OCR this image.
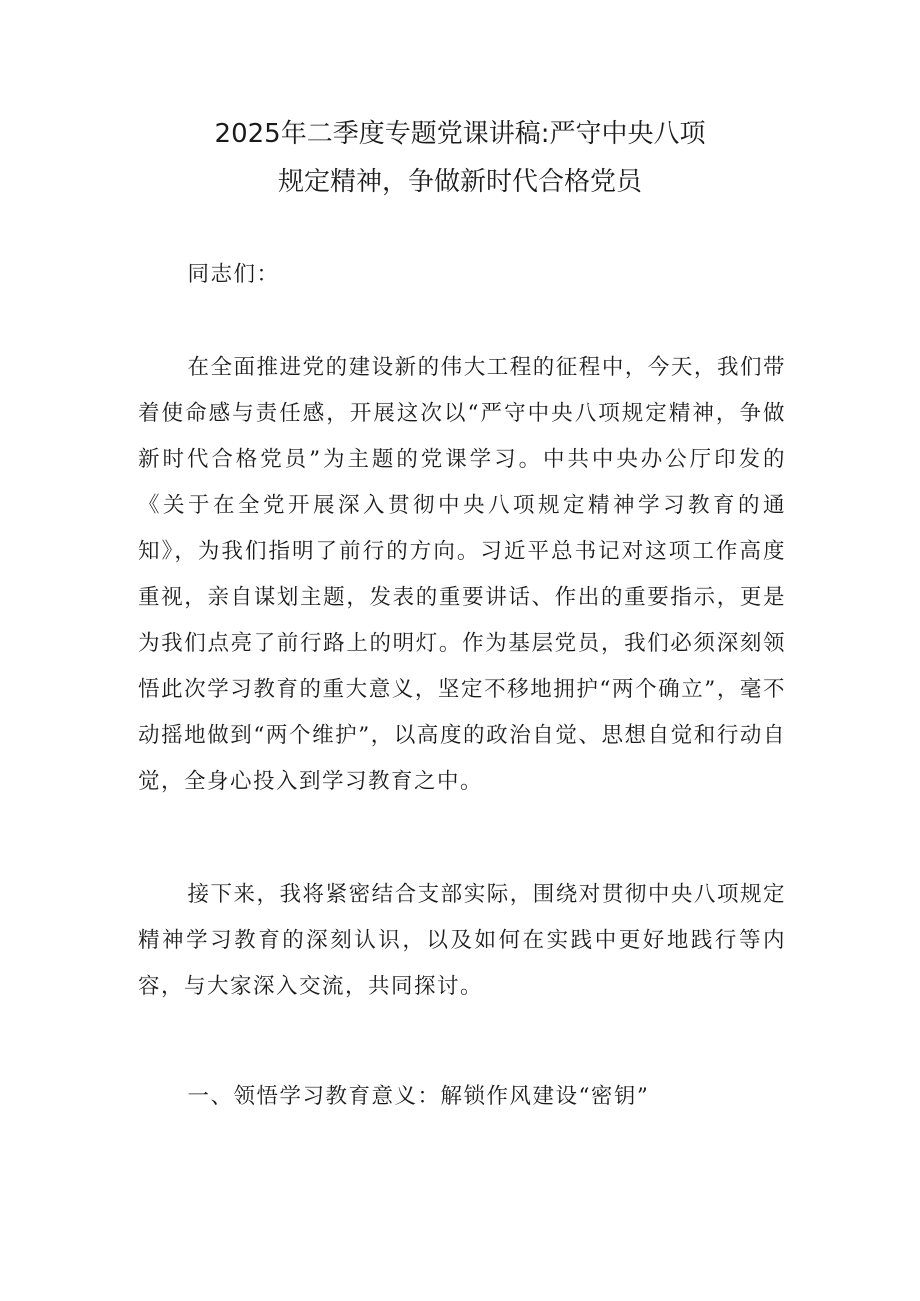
2025年二季度专题党课讲稿:严守中央八项
规定精神，争做新时代合格党员
同志们：
在全面推进党的建设新的伟大工程的征程中，今天，我们带着使命感与责任感，开展这次以“严守中央八项规定精神，争做新时代合格党员”为主题的党课学习。中共中央办公厅印发的《关于在全党开展深入贯彻中央八项规定精神学习教育的通知》，为我们指明了前行的方向。习近平总书记对这项工作高度重视，亲自谋划主题，发表的重要讲话、作出的重要指示，更是为我们点亮了前行路上的明灯。作为基层党员，我们必须深刻领悟此次学习教育的重大意义，坚定不移地拥护“两个确立”，毫不动摇地做到“两个维护”，以高度的政治自觉、思想自觉和行动自觉，全身心投入到学习教育之中。
接下来，我将紧密结合支部实际，围绕对贯彻中央八项规定精神学习教育的深刻认识，以及如何在实践中更好地践行等内容，与大家深入交流，共同探讨。
一、领悟学习教育意义：解锁作风建设“密钥”
